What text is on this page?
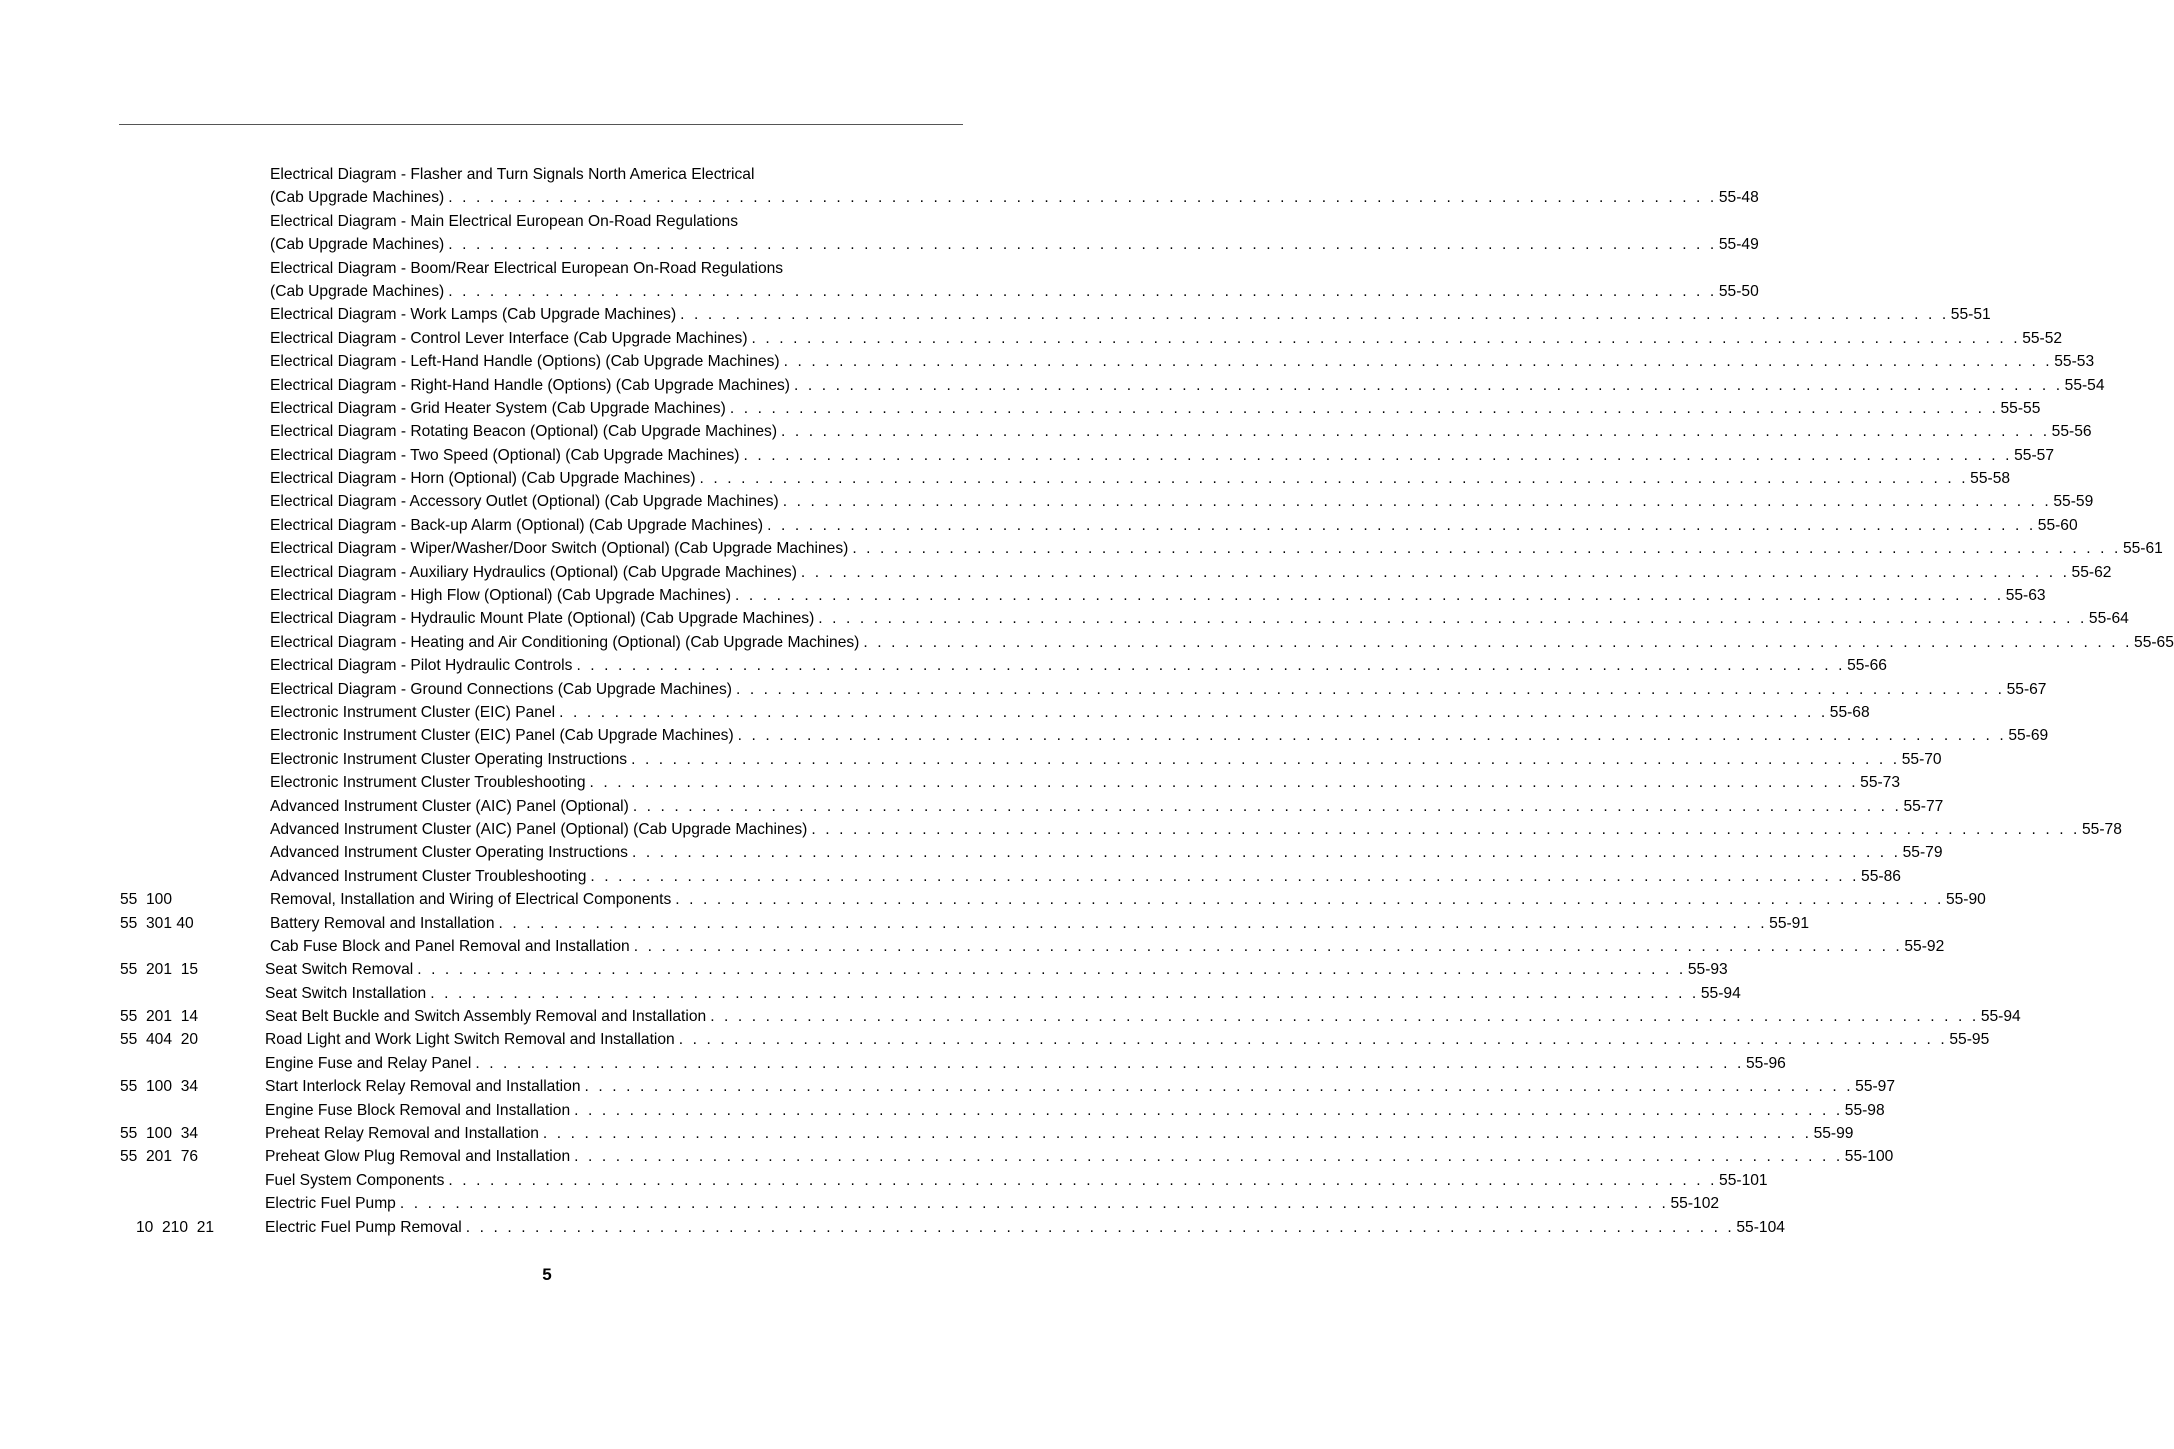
Electrical Diagram - Flasher and Turn Signals North America Electrical
(Cab Upgrade Machines) . . . . . . . . . . . . . . . . . . . . . . . . . . . . . . . . . . . . . . . . . . . . . . . . . . . . . . . . . . . . . . . . . . . . . . . . . . . . . . . . . . . . . . . . . . . . 55-48
Electrical Diagram - Main Electrical European On-Road Regulations
(Cab Upgrade Machines) . . . . . . . . . . . . . . . . . . . . . . . . . . . . . . . . . . . . . . . . . . . . . . . . . . . . . . . . . . . . . . . . . . . . . . . . . . . . . . . . . . . . . . . . . . . . 55-49
Electrical Diagram - Boom/Rear Electrical European On-Road Regulations
(Cab Upgrade Machines) . . . . . . . . . . . . . . . . . . . . . . . . . . . . . . . . . . . . . . . . . . . . . . . . . . . . . . . . . . . . . . . . . . . . . . . . . . . . . . . . . . . . . . . . . . . . 55-50
Electrical Diagram - Work Lamps (Cab Upgrade Machines) . . . . . . . . . . . . . . . . . . . . . . . . . . . . . . . . . . . . . . . . . . . . . . . . . . . . . . . . . . . . . . . . . . . . . . . . . . . . . . . . . . . . . . . . . . . . 55-51
Electrical Diagram - Control Lever Interface (Cab Upgrade Machines) . . . . . . . . . . . . . . . . . . . . . . . . . . . . . . . . . . . . . . . . . . . . . . . . . . . . . . . . . . . . . . . . . . . . . . . . . . . . . . . . . . . . . . . . . . . . 55-52
Electrical Diagram - Left-Hand Handle (Options) (Cab Upgrade Machines) . . . . . . . . . . . . . . . . . . . . . . . . . . . . . . . . . . . . . . . . . . . . . . . . . . . . . . . . . . . . . . . . . . . . . . . . . . . . . . . . . . . . . . . . . . . . 55-53
Electrical Diagram - Right-Hand Handle (Options) (Cab Upgrade Machines) . . . . . . . . . . . . . . . . . . . . . . . . . . . . . . . . . . . . . . . . . . . . . . . . . . . . . . . . . . . . . . . . . . . . . . . . . . . . . . . . . . . . . . . . . . . . 55-54
Electrical Diagram - Grid Heater System (Cab Upgrade Machines) . . . . . . . . . . . . . . . . . . . . . . . . . . . . . . . . . . . . . . . . . . . . . . . . . . . . . . . . . . . . . . . . . . . . . . . . . . . . . . . . . . . . . . . . . . . . 55-55
Electrical Diagram - Rotating Beacon (Optional) (Cab Upgrade Machines) . . . . . . . . . . . . . . . . . . . . . . . . . . . . . . . . . . . . . . . . . . . . . . . . . . . . . . . . . . . . . . . . . . . . . . . . . . . . . . . . . . . . . . . . . . . . 55-56
Electrical Diagram - Two Speed (Optional) (Cab Upgrade Machines) . . . . . . . . . . . . . . . . . . . . . . . . . . . . . . . . . . . . . . . . . . . . . . . . . . . . . . . . . . . . . . . . . . . . . . . . . . . . . . . . . . . . . . . . . . . . 55-57
Electrical Diagram - Horn (Optional) (Cab Upgrade Machines) . . . . . . . . . . . . . . . . . . . . . . . . . . . . . . . . . . . . . . . . . . . . . . . . . . . . . . . . . . . . . . . . . . . . . . . . . . . . . . . . . . . . . . . . . . . . 55-58
Electrical Diagram - Accessory Outlet (Optional) (Cab Upgrade Machines) . . . . . . . . . . . . . . . . . . . . . . . . . . . . . . . . . . . . . . . . . . . . . . . . . . . . . . . . . . . . . . . . . . . . . . . . . . . . . . . . . . . . . . . . . . . . 55-59
Electrical Diagram - Back-up Alarm (Optional) (Cab Upgrade Machines) . . . . . . . . . . . . . . . . . . . . . . . . . . . . . . . . . . . . . . . . . . . . . . . . . . . . . . . . . . . . . . . . . . . . . . . . . . . . . . . . . . . . . . . . . . . . 55-60
Electrical Diagram - Wiper/Washer/Door Switch (Optional) (Cab Upgrade Machines) . . . . . . . . . . . . . . . . . . . . . . . . . . . . . . . . . . . . . . . . . . . . . . . . . . . . . . . . . . . . . . . . . . . . . . . . . . . . . . . . . . . . . . . . . . . . 55-61
Electrical Diagram - Auxiliary Hydraulics (Optional) (Cab Upgrade Machines) . . . . . . . . . . . . . . . . . . . . . . . . . . . . . . . . . . . . . . . . . . . . . . . . . . . . . . . . . . . . . . . . . . . . . . . . . . . . . . . . . . . . . . . . . . . . 55-62
Electrical Diagram - High Flow (Optional) (Cab Upgrade Machines) . . . . . . . . . . . . . . . . . . . . . . . . . . . . . . . . . . . . . . . . . . . . . . . . . . . . . . . . . . . . . . . . . . . . . . . . . . . . . . . . . . . . . . . . . . . . 55-63
Electrical Diagram - Hydraulic Mount Plate (Optional) (Cab Upgrade Machines) . . . . . . . . . . . . . . . . . . . . . . . . . . . . . . . . . . . . . . . . . . . . . . . . . . . . . . . . . . . . . . . . . . . . . . . . . . . . . . . . . . . . . . . . . . . . 55-64
Electrical Diagram - Heating and Air Conditioning (Optional) (Cab Upgrade Machines) . . . . . . . . . . . . . . . . . . . . . . . . . . . . . . . . . . . . . . . . . . . . . . . . . . . . . . . . . . . . . . . . . . . . . . . . . . . . . . . . . . . . . . . . . . . . 55-65
Electrical Diagram - Pilot Hydraulic Controls . . . . . . . . . . . . . . . . . . . . . . . . . . . . . . . . . . . . . . . . . . . . . . . . . . . . . . . . . . . . . . . . . . . . . . . . . . . . . . . . . . . . . . . . . . . . 55-66
Electrical Diagram - Ground Connections (Cab Upgrade Machines) . . . . . . . . . . . . . . . . . . . . . . . . . . . . . . . . . . . . . . . . . . . . . . . . . . . . . . . . . . . . . . . . . . . . . . . . . . . . . . . . . . . . . . . . . . . . 55-67
Electronic Instrument Cluster (EIC) Panel . . . . . . . . . . . . . . . . . . . . . . . . . . . . . . . . . . . . . . . . . . . . . . . . . . . . . . . . . . . . . . . . . . . . . . . . . . . . . . . . . . . . . . . . . . . . 55-68
Electronic Instrument Cluster (EIC) Panel (Cab Upgrade Machines) . . . . . . . . . . . . . . . . . . . . . . . . . . . . . . . . . . . . . . . . . . . . . . . . . . . . . . . . . . . . . . . . . . . . . . . . . . . . . . . . . . . . . . . . . . . . 55-69
Electronic Instrument Cluster Operating Instructions . . . . . . . . . . . . . . . . . . . . . . . . . . . . . . . . . . . . . . . . . . . . . . . . . . . . . . . . . . . . . . . . . . . . . . . . . . . . . . . . . . . . . . . . . . . . 55-70
Electronic Instrument Cluster Troubleshooting . . . . . . . . . . . . . . . . . . . . . . . . . . . . . . . . . . . . . . . . . . . . . . . . . . . . . . . . . . . . . . . . . . . . . . . . . . . . . . . . . . . . . . . . . . . . 55-73
Advanced Instrument Cluster (AIC) Panel (Optional) . . . . . . . . . . . . . . . . . . . . . . . . . . . . . . . . . . . . . . . . . . . . . . . . . . . . . . . . . . . . . . . . . . . . . . . . . . . . . . . . . . . . . . . . . . . . 55-77
Advanced Instrument Cluster (AIC) Panel (Optional) (Cab Upgrade Machines) . . . . . . . . . . . . . . . . . . . . . . . . . . . . . . . . . . . . . . . . . . . . . . . . . . . . . . . . . . . . . . . . . . . . . . . . . . . . . . . . . . . . . . . . . . . . 55-78
Advanced Instrument Cluster Operating Instructions . . . . . . . . . . . . . . . . . . . . . . . . . . . . . . . . . . . . . . . . . . . . . . . . . . . . . . . . . . . . . . . . . . . . . . . . . . . . . . . . . . . . . . . . . . . . 55-79
Advanced Instrument Cluster Troubleshooting . . . . . . . . . . . . . . . . . . . . . . . . . . . . . . . . . . . . . . . . . . . . . . . . . . . . . . . . . . . . . . . . . . . . . . . . . . . . . . . . . . . . . . . . . . . . 55-86
55  100	Removal, Installation and Wiring of Electrical Components . . . . . . . . . . . . . . . . . . . . . . . . . . . . . . . . . . . . . . . . . . . . . . . . . . . . . . . . . . . . . . . . . . . . . . . . . . . . . . . . . . . . . . . . . . . . 55-90
55  301 40	Battery Removal and Installation . . . . . . . . . . . . . . . . . . . . . . . . . . . . . . . . . . . . . . . . . . . . . . . . . . . . . . . . . . . . . . . . . . . . . . . . . . . . . . . . . . . . . . . . . . . . 55-91
Cab Fuse Block and Panel Removal and Installation . . . . . . . . . . . . . . . . . . . . . . . . . . . . . . . . . . . . . . . . . . . . . . . . . . . . . . . . . . . . . . . . . . . . . . . . . . . . . . . . . . . . . . . . . . . . 55-92
55  201  15	Seat Switch Removal . . . . . . . . . . . . . . . . . . . . . . . . . . . . . . . . . . . . . . . . . . . . . . . . . . . . . . . . . . . . . . . . . . . . . . . . . . . . . . . . . . . . . . . . . . . . 55-93
Seat Switch Installation . . . . . . . . . . . . . . . . . . . . . . . . . . . . . . . . . . . . . . . . . . . . . . . . . . . . . . . . . . . . . . . . . . . . . . . . . . . . . . . . . . . . . . . . . . . . 55-94
55  201  14	Seat Belt Buckle and Switch Assembly Removal and Installation . . . . . . . . . . . . . . . . . . . . . . . . . . . . . . . . . . . . . . . . . . . . . . . . . . . . . . . . . . . . . . . . . . . . . . . . . . . . . . . . . . . . . . . . . . . . 55-94
55  404  20	Road Light and Work Light Switch Removal and Installation . . . . . . . . . . . . . . . . . . . . . . . . . . . . . . . . . . . . . . . . . . . . . . . . . . . . . . . . . . . . . . . . . . . . . . . . . . . . . . . . . . . . . . . . . . . . 55-95
Engine Fuse and Relay Panel . . . . . . . . . . . . . . . . . . . . . . . . . . . . . . . . . . . . . . . . . . . . . . . . . . . . . . . . . . . . . . . . . . . . . . . . . . . . . . . . . . . . . . . . . . . . 55-96
55  100  34	Start Interlock Relay Removal and Installation . . . . . . . . . . . . . . . . . . . . . . . . . . . . . . . . . . . . . . . . . . . . . . . . . . . . . . . . . . . . . . . . . . . . . . . . . . . . . . . . . . . . . . . . . . . . 55-97
Engine Fuse Block Removal and Installation . . . . . . . . . . . . . . . . . . . . . . . . . . . . . . . . . . . . . . . . . . . . . . . . . . . . . . . . . . . . . . . . . . . . . . . . . . . . . . . . . . . . . . . . . . . . 55-98
55  100  34	Preheat Relay Removal and Installation . . . . . . . . . . . . . . . . . . . . . . . . . . . . . . . . . . . . . . . . . . . . . . . . . . . . . . . . . . . . . . . . . . . . . . . . . . . . . . . . . . . . . . . . . . . . 55-99
55  201  76	Preheat Glow Plug Removal and Installation . . . . . . . . . . . . . . . . . . . . . . . . . . . . . . . . . . . . . . . . . . . . . . . . . . . . . . . . . . . . . . . . . . . . . . . . . . . . . . . . . . . . . . . . . . . . 55-100
Fuel System Components . . . . . . . . . . . . . . . . . . . . . . . . . . . . . . . . . . . . . . . . . . . . . . . . . . . . . . . . . . . . . . . . . . . . . . . . . . . . . . . . . . . . . . . . . . . . 55-101
Electric Fuel Pump . . . . . . . . . . . . . . . . . . . . . . . . . . . . . . . . . . . . . . . . . . . . . . . . . . . . . . . . . . . . . . . . . . . . . . . . . . . . . . . . . . . . . . . . . . . . 55-102
10  210  21	Electric Fuel Pump Removal . . . . . . . . . . . . . . . . . . . . . . . . . . . . . . . . . . . . . . . . . . . . . . . . . . . . . . . . . . . . . . . . . . . . . . . . . . . . . . . . . . . . . . . . . . . . 55-104
5
